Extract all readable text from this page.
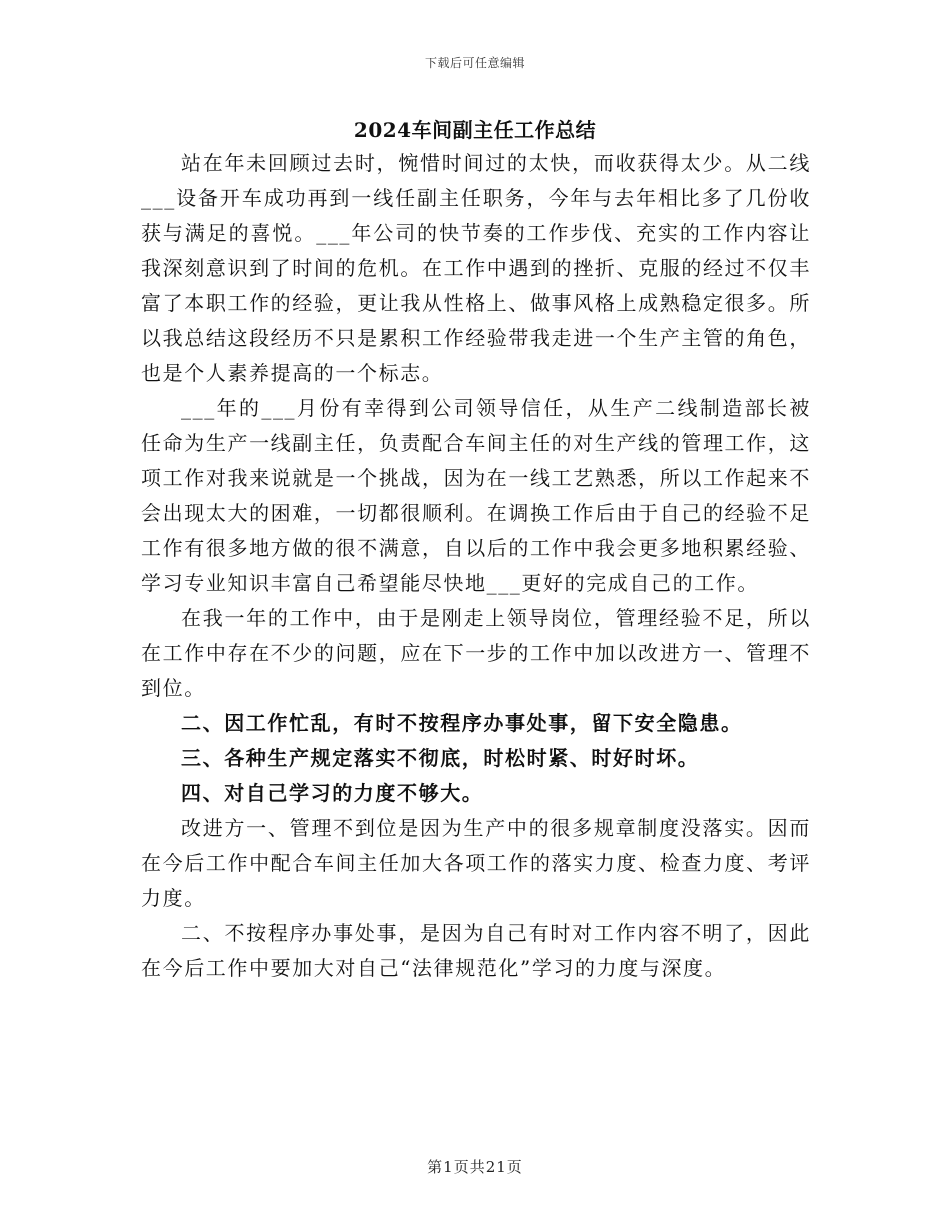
下载后可任意编辑
2024车间副主任工作总结

站在年未回顾过去时，惋惜时间过的太快，而收获得太少。从二线___设备开车成功再到一线任副主任职务，今年与去年相比多了几份收获与满足的喜悦。___年公司的快节奏的工作步伐、充实的工作内容让我深刻意识到了时间的危机。在工作中遇到的挫折、克服的经过不仅丰富了本职工作的经验，更让我从性格上、做事风格上成熟稳定很多。所以我总结这段经历不只是累积工作经验带我走进一个生产主管的角色，也是个人素养提高的一个标志。

___年的___月份有幸得到公司领导信任，从生产二线制造部长被任命为生产一线副主任，负责配合车间主任的对生产线的管理工作，这项工作对我来说就是一个挑战，因为在一线工艺熟悉，所以工作起来不会出现太大的困难，一切都很顺利。在调换工作后由于自己的经验不足工作有很多地方做的很不满意，自以后的工作中我会更多地积累经验、学习专业知识丰富自己希望能尽快地___更好的完成自己的工作。

在我一年的工作中，由于是刚走上领导岗位，管理经验不足，所以在工作中存在不少的问题，应在下一步的工作中加以改进方一、管理不到位。

二、因工作忙乱，有时不按程序办事处事，留下安全隐患。

三、各种生产规定落实不彻底，时松时紧、时好时坏。

四、对自己学习的力度不够大。

改进方一、管理不到位是因为生产中的很多规章制度没落实。因而在今后工作中配合车间主任加大各项工作的落实力度、检查力度、考评力度。

二、不按程序办事处事，是因为自己有时对工作内容不明了，因此在今后工作中要加大对自己“法律规范化”学习的力度与深度。

第1页共21页
